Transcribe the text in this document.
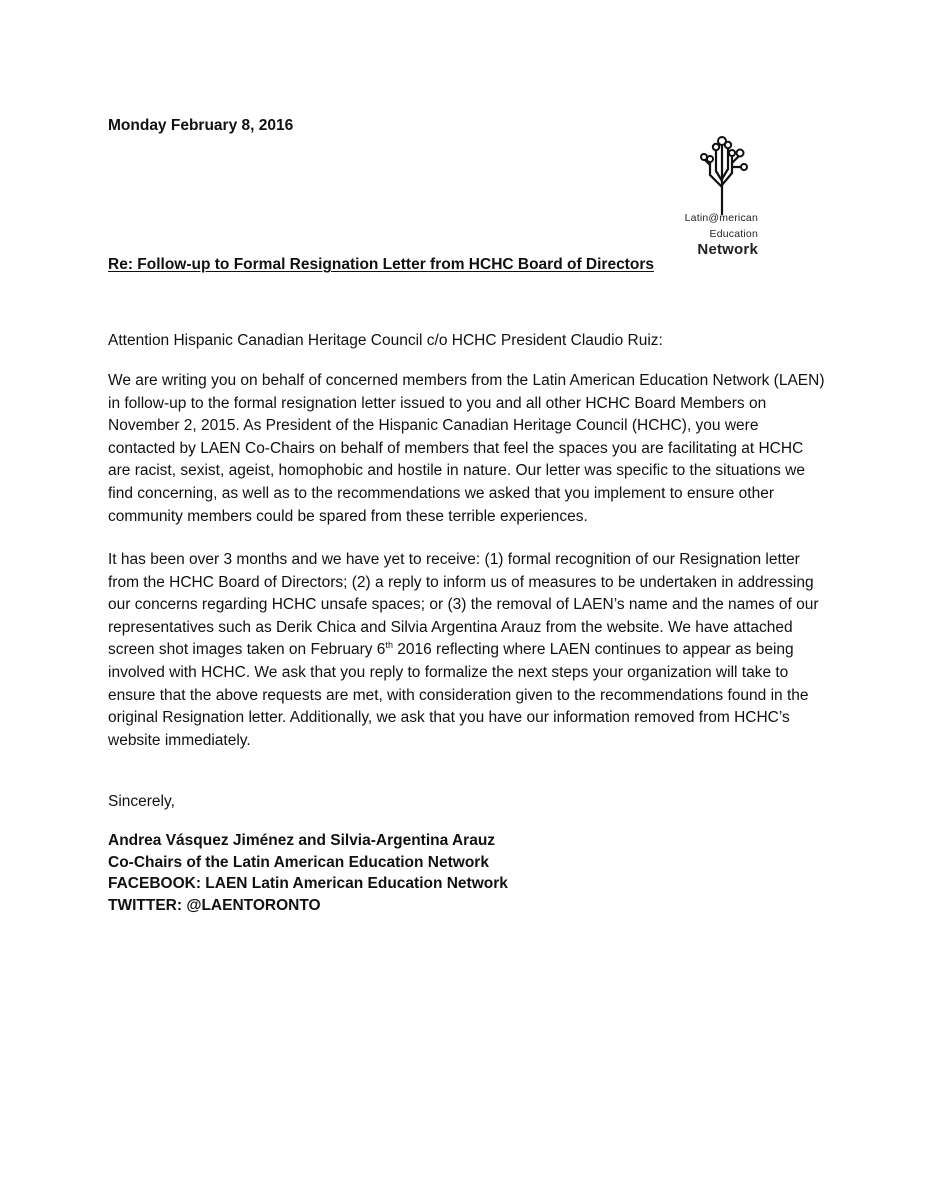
Monday February 8, 2016
Latin@merican
Education
Network
Re: Follow-up to Formal Resignation Letter from HCHC Board of Directors
Attention Hispanic Canadian Heritage Council c/o HCHC President Claudio Ruiz:

We are writing you on behalf of concerned members from the Latin American Education Network (LAEN) in follow-up to the formal resignation letter issued to you and all other HCHC Board Members on November 2, 2015. As President of the Hispanic Canadian Heritage Council (HCHC), you were contacted by LAEN Co-Chairs on behalf of members that feel the spaces you are facilitating at HCHC are racist, sexist, ageist, homophobic and hostile in nature. Our letter was specific to the situations we find concerning, as well as to the recommendations we asked that you implement to ensure other community members could be spared from these terrible experiences.

It has been over 3 months and we have yet to receive: (1) formal recognition of our Resignation letter from the HCHC Board of Directors; (2) a reply to inform us of measures to be undertaken in addressing our concerns regarding HCHC unsafe spaces; or (3) the removal of LAEN’s name and the names of our representatives such as Derik Chica and Silvia Argentina Arauz from the website. We have attached screen shot images taken on February 6th 2016 reflecting where LAEN continues to appear as being involved with HCHC. We ask that you reply to formalize the next steps your organization will take to ensure that the above requests are met, with consideration given to the recommendations found in the original Resignation letter. Additionally, we ask that you have our information removed from HCHC’s website immediately.

Sincerely,
Andrea Vásquez Jiménez and Silvia-Argentina Arauz
Co-Chairs of the Latin American Education Network
FACEBOOK: LAEN Latin American Education Network
TWITTER: @LAENTORONTO
